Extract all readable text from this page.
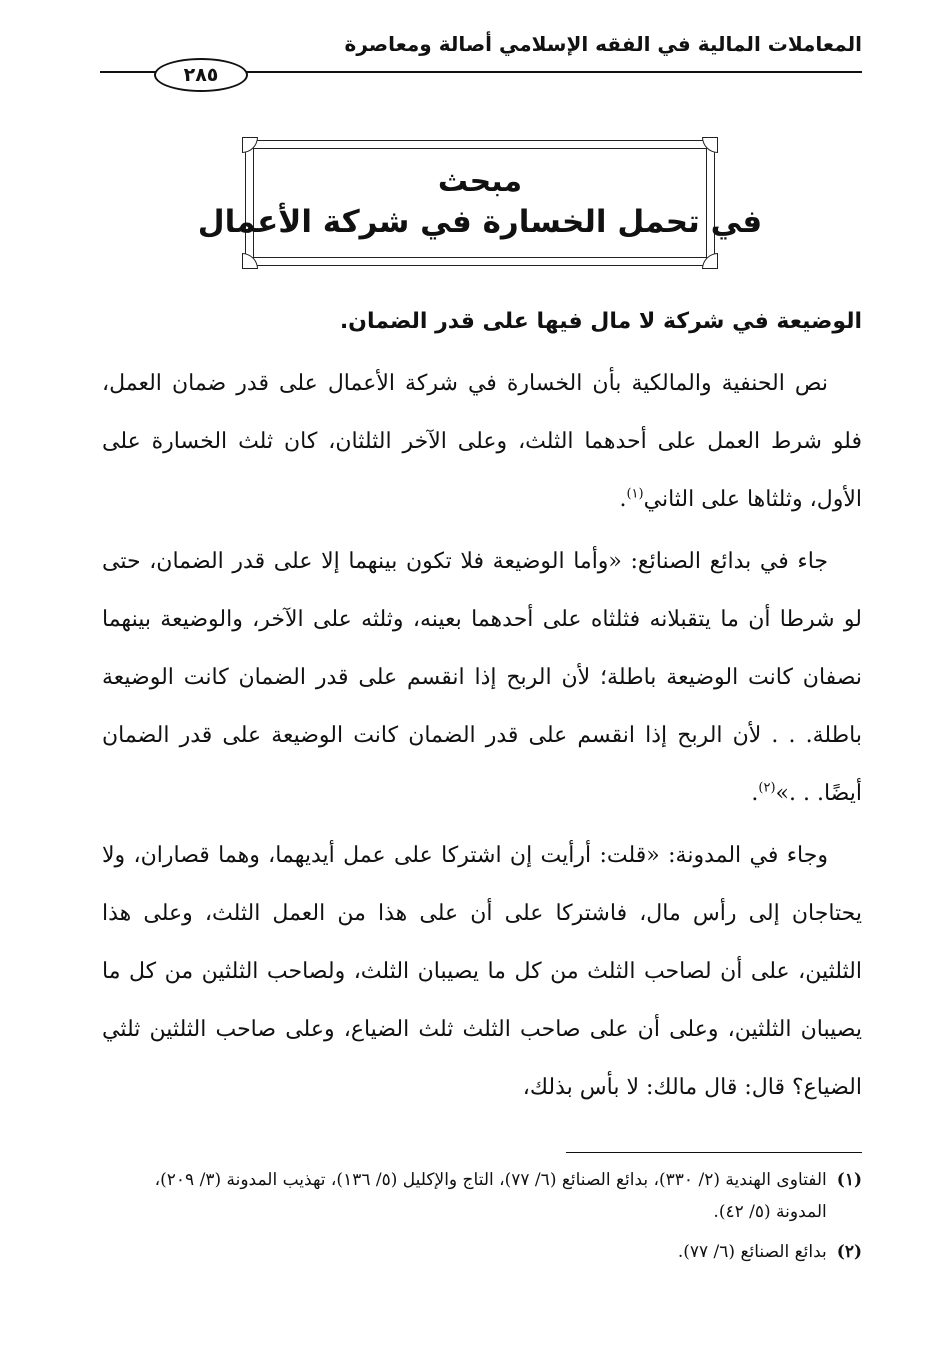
المعاملات المالية في الفقه الإسلامي أصالة ومعاصرة
٢٨٥
مبحث
في تحمل الخسارة في شركة الأعمال

الوضيعة في شركة لا مال فيها على قدر الضمان.

نص الحنفية والمالكية بأن الخسارة في شركة الأعمال على قدر ضمان العمل، فلو شرط العمل على أحدهما الثلث، وعلى الآخر الثلثان، كان ثلث الخسارة على الأول، وثلثاها على الثاني$^{(١)}$.

جاء في بدائع الصنائع: «وأما الوضيعة فلا تكون بينهما إلا على قدر الضمان، حتى لو شرطا أن ما يتقبلانه فثلثاه على أحدهما بعينه، وثلثه على الآخر، والوضيعة بينهما نصفان كانت الوضيعة باطلة؛ لأن الربح إذا انقسم على قدر الضمان كانت الوضيعة باطلة. . . لأن الربح إذا انقسم على قدر الضمان كانت الوضيعة على قدر الضمان أيضًا. . .»$^{(٢)}$.

وجاء في المدونة: «قلت: أرأيت إن اشتركا على عمل أيديهما، وهما قصاران، ولا يحتاجان إلى رأس مال، فاشتركا على أن على هذا من العمل الثلث، وعلى هذا الثلثين، على أن لصاحب الثلث من كل ما يصيبان الثلث، ولصاحب الثلثين من كل ما يصيبان الثلثين، وعلى أن على صاحب الثلث ثلث الضياع، وعلى صاحب الثلثين ثلثي الضياع؟ قال: قال مالك: لا بأس بذلك،

(١)
الفتاوى الهندية (٢/ ٣٣٠)، بدائع الصنائع (٦/ ٧٧)، التاج والإكليل (٥/ ١٣٦)، تهذيب المدونة (٣/ ٢٠٩)، المدونة (٥/ ٤٢).
(٢)
بدائع الصنائع (٦/ ٧٧).
